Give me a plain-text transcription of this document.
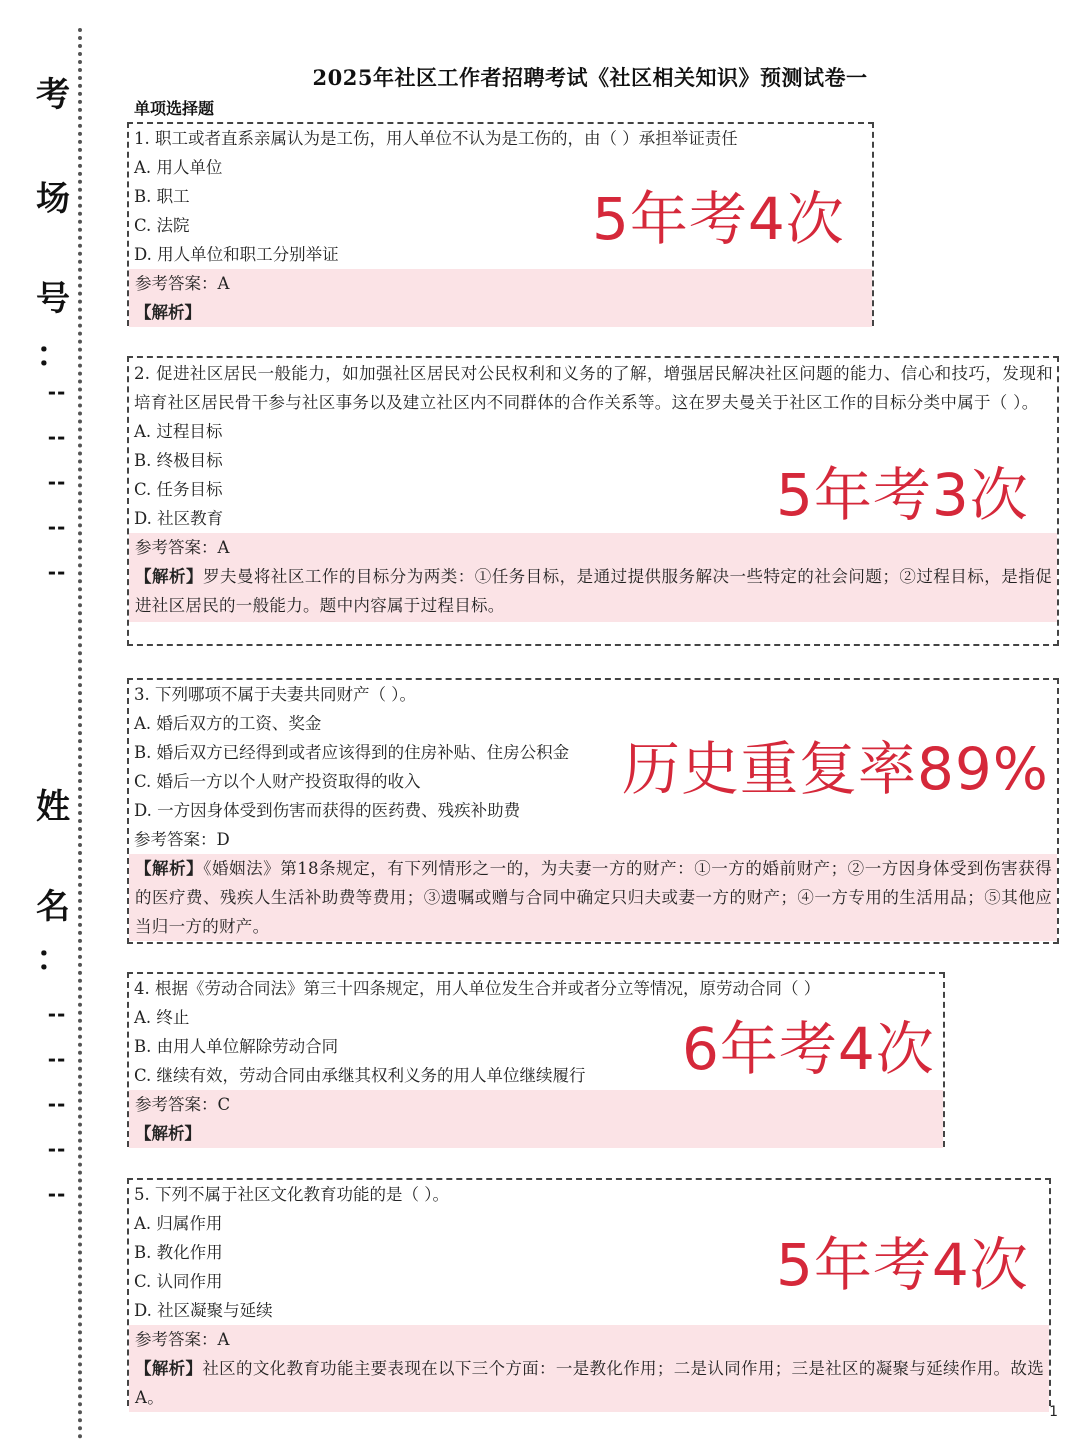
考
场
号
：
--
--
--
--
--
姓
名
：
--
--
--
--
--
2025年社区工作者招聘考试《社区相关知识》预测试卷一
单项选择题
1. 职工或者直系亲属认为是工伤，用人单位不认为是工伤的，由（ ）承担举证责任
A. 用人单位
B. 职工
C. 法院
D. 用人单位和职工分别举证
参考答案：A
【解析】
5年考4次
2. 促进社区居民一般能力，如加强社区居民对公民权利和义务的了解，增强居民解决社区问题的能力、信心和技巧，发现和培育社区居民骨干参与社区事务以及建立社区内不同群体的合作关系等。这在罗夫曼关于社区工作的目标分类中属于（ ）。
A. 过程目标
B. 终极目标
C. 任务目标
D. 社区教育
参考答案：A
【解析】罗夫曼将社区工作的目标分为两类：①任务目标，是通过提供服务解决一些特定的社会问题；②过程目标，是指促进社区居民的一般能力。题中内容属于过程目标。
5年考3次
3. 下列哪项不属于夫妻共同财产（ ）。
A. 婚后双方的工资、奖金
B. 婚后双方已经得到或者应该得到的住房补贴、住房公积金
C. 婚后一方以个人财产投资取得的收入
D. 一方因身体受到伤害而获得的医药费、残疾补助费
参考答案：D
【解析】《婚姻法》第18条规定，有下列情形之一的，为夫妻一方的财产：①一方的婚前财产；②一方因身体受到伤害获得的医疗费、残疾人生活补助费等费用；③遗嘱或赠与合同中确定只归夫或妻一方的财产；④一方专用的生活用品；⑤其他应当归一方的财产。
历史重复率89%
4. 根据《劳动合同法》第三十四条规定，用人单位发生合并或者分立等情况，原劳动合同（ ）
A. 终止
B. 由用人单位解除劳动合同
C. 继续有效，劳动合同由承继其权利义务的用人单位继续履行
参考答案：C
【解析】
6年考4次
5. 下列不属于社区文化教育功能的是（ ）。
A. 归属作用
B. 教化作用
C. 认同作用
D. 社区凝聚与延续
参考答案：A
【解析】社区的文化教育功能主要表现在以下三个方面：一是教化作用；二是认同作用；三是社区的凝聚与延续作用。故选A。
5年考4次
1
